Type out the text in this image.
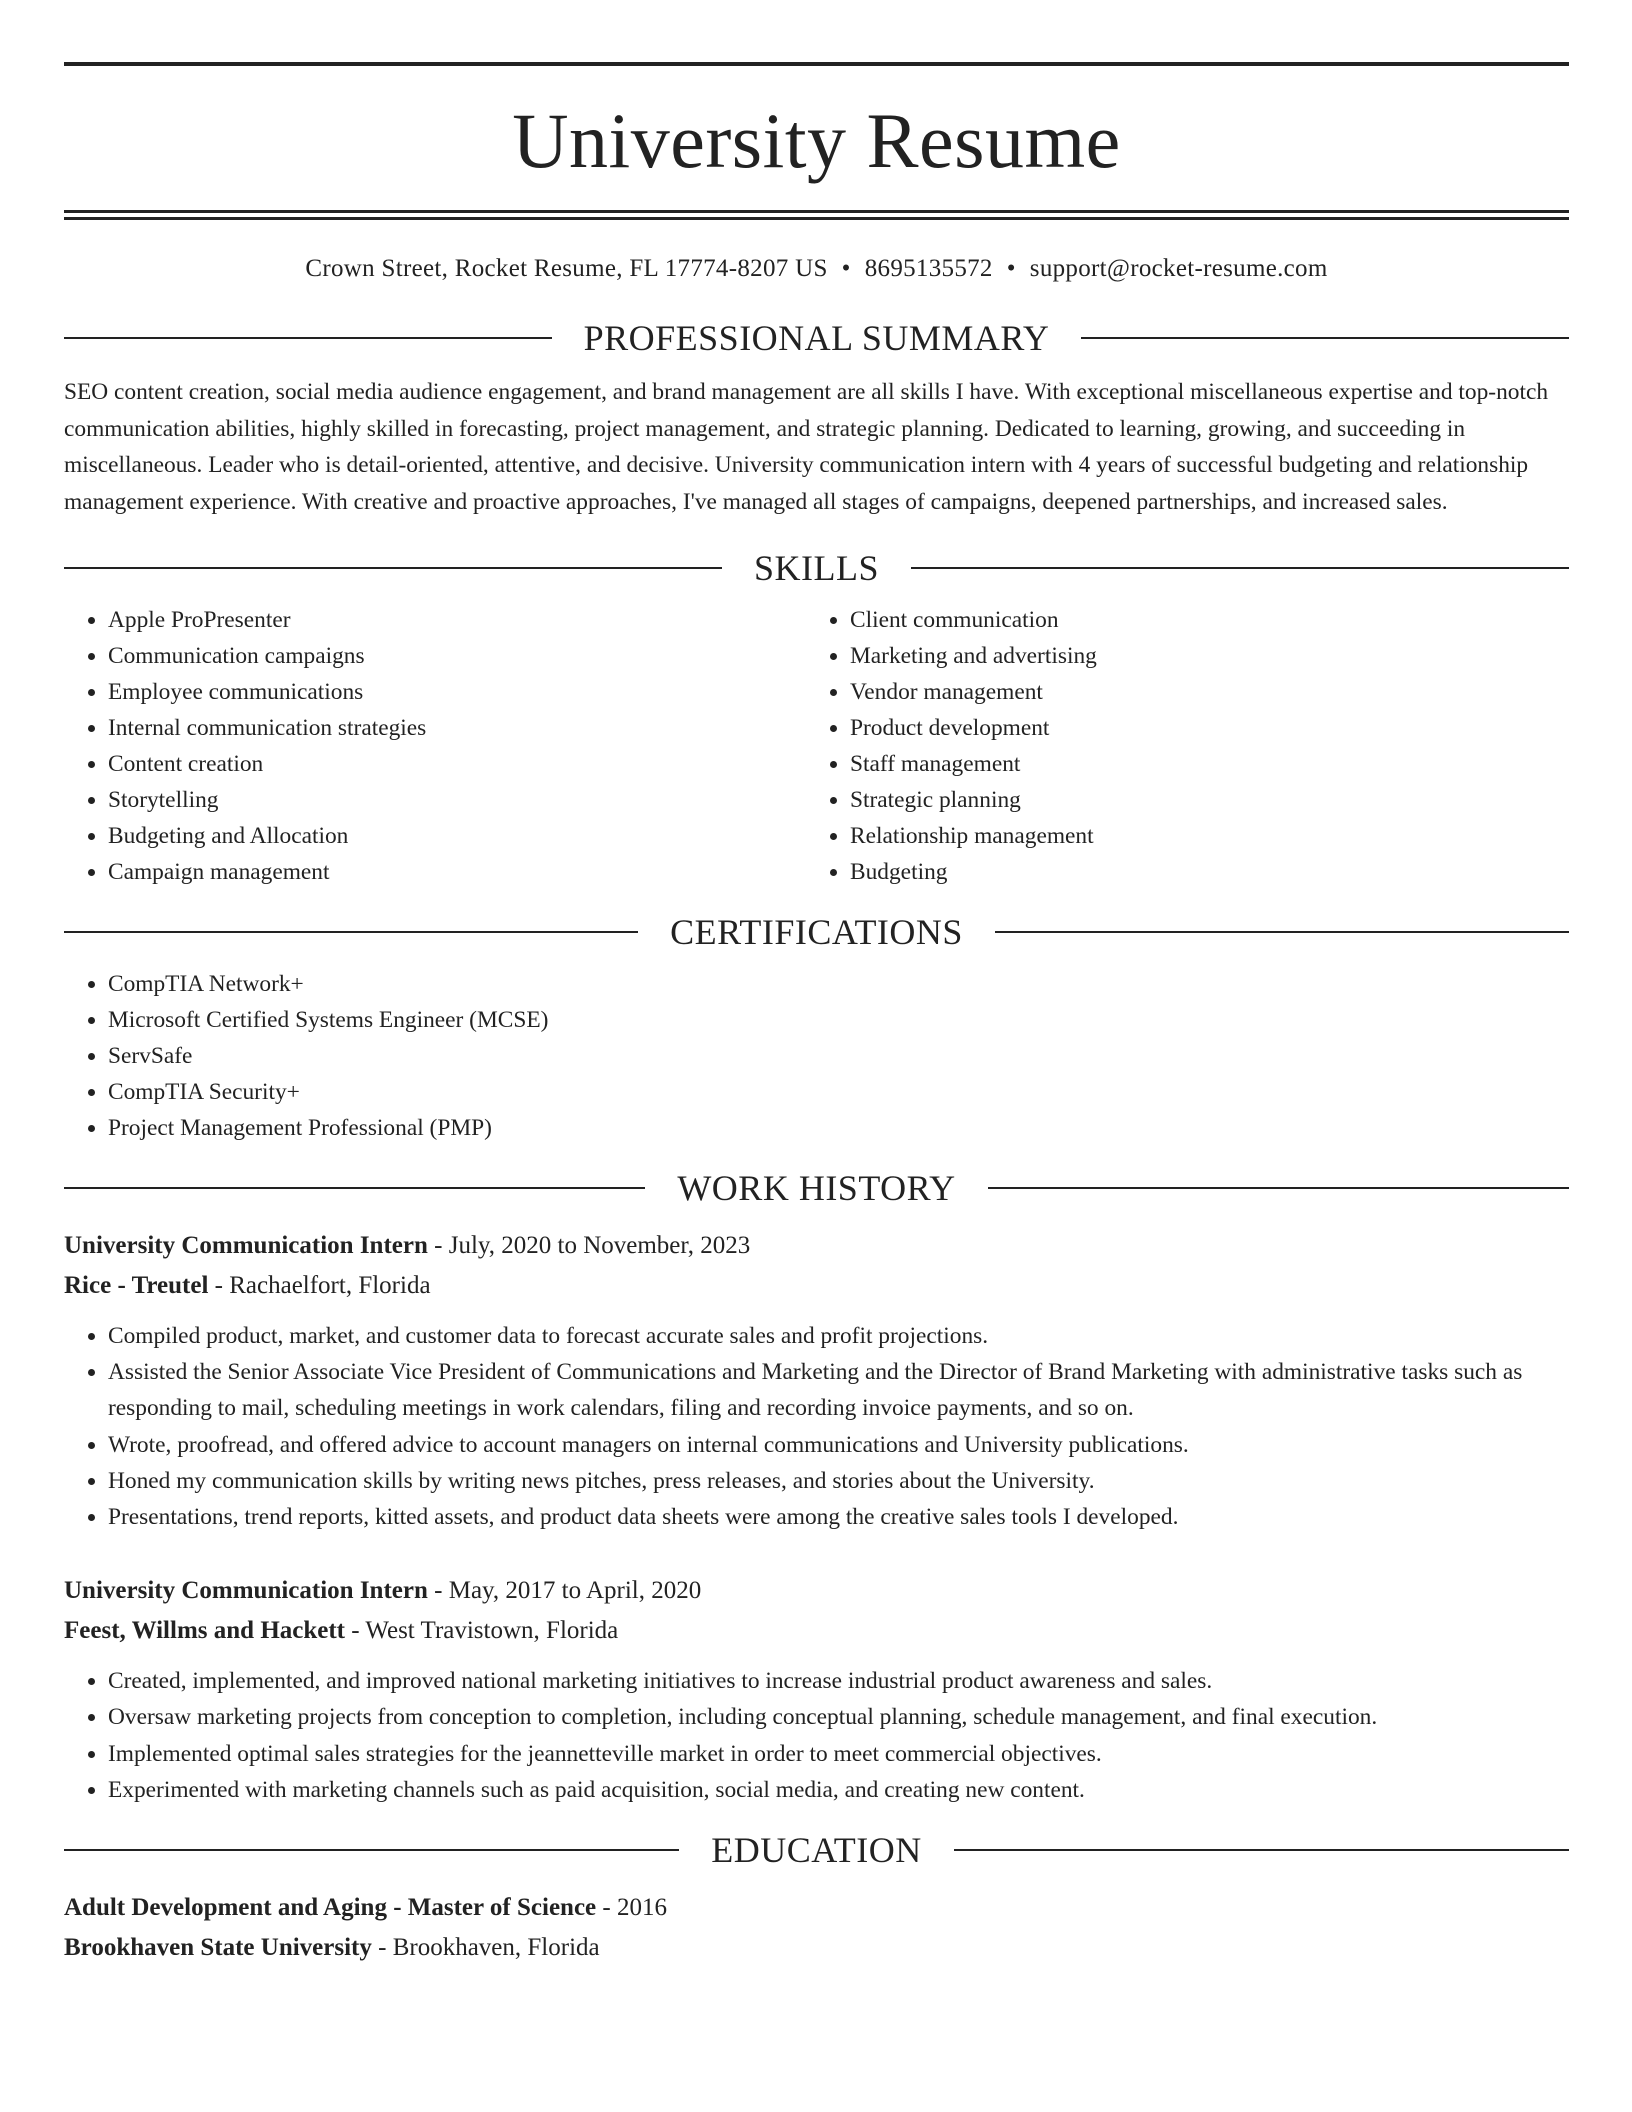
University Resume
Crown Street, Rocket Resume, FL 17774-8207 US • 8695135572 • support@rocket-resume.com
PROFESSIONAL SUMMARY

SEO content creation, social media audience engagement, and brand management are all skills I have. With exceptional miscellaneous expertise and top-notch communication abilities, highly skilled in forecasting, project management, and strategic planning. Dedicated to learning, growing, and succeeding in miscellaneous. Leader who is detail-oriented, attentive, and decisive. University communication intern with 4 years of successful budgeting and relationship management experience. With creative and proactive approaches, I've managed all stages of campaigns, deepened partnerships, and increased sales.

SKILLS
• Apple ProPresenter
• Communication campaigns
• Employee communications
• Internal communication strategies
• Content creation
• Storytelling
• Budgeting and Allocation
• Campaign management
• Client communication
• Marketing and advertising
• Vendor management
• Product development
• Staff management
• Strategic planning
• Relationship management
• Budgeting
CERTIFICATIONS
• CompTIA Network+
• Microsoft Certified Systems Engineer (MCSE)
• ServSafe
• CompTIA Security+
• Project Management Professional (PMP)
WORK HISTORY
University Communication Intern - July, 2020 to November, 2023
Rice - Treutel - Rachaelfort, Florida
• Compiled product, market, and customer data to forecast accurate sales and profit projections.
• Assisted the Senior Associate Vice President of Communications and Marketing and the Director of Brand Marketing with administrative tasks such as responding to mail, scheduling meetings in work calendars, filing and recording invoice payments, and so on.
• Wrote, proofread, and offered advice to account managers on internal communications and University publications.
• Honed my communication skills by writing news pitches, press releases, and stories about the University.
• Presentations, trend reports, kitted assets, and product data sheets were among the creative sales tools I developed.
University Communication Intern - May, 2017 to April, 2020
Feest, Willms and Hackett - West Travistown, Florida
• Created, implemented, and improved national marketing initiatives to increase industrial product awareness and sales.
• Oversaw marketing projects from conception to completion, including conceptual planning, schedule management, and final execution.
• Implemented optimal sales strategies for the jeannetteville market in order to meet commercial objectives.
• Experimented with marketing channels such as paid acquisition, social media, and creating new content.
EDUCATION
Adult Development and Aging - Master of Science - 2016
Brookhaven State University - Brookhaven, Florida
